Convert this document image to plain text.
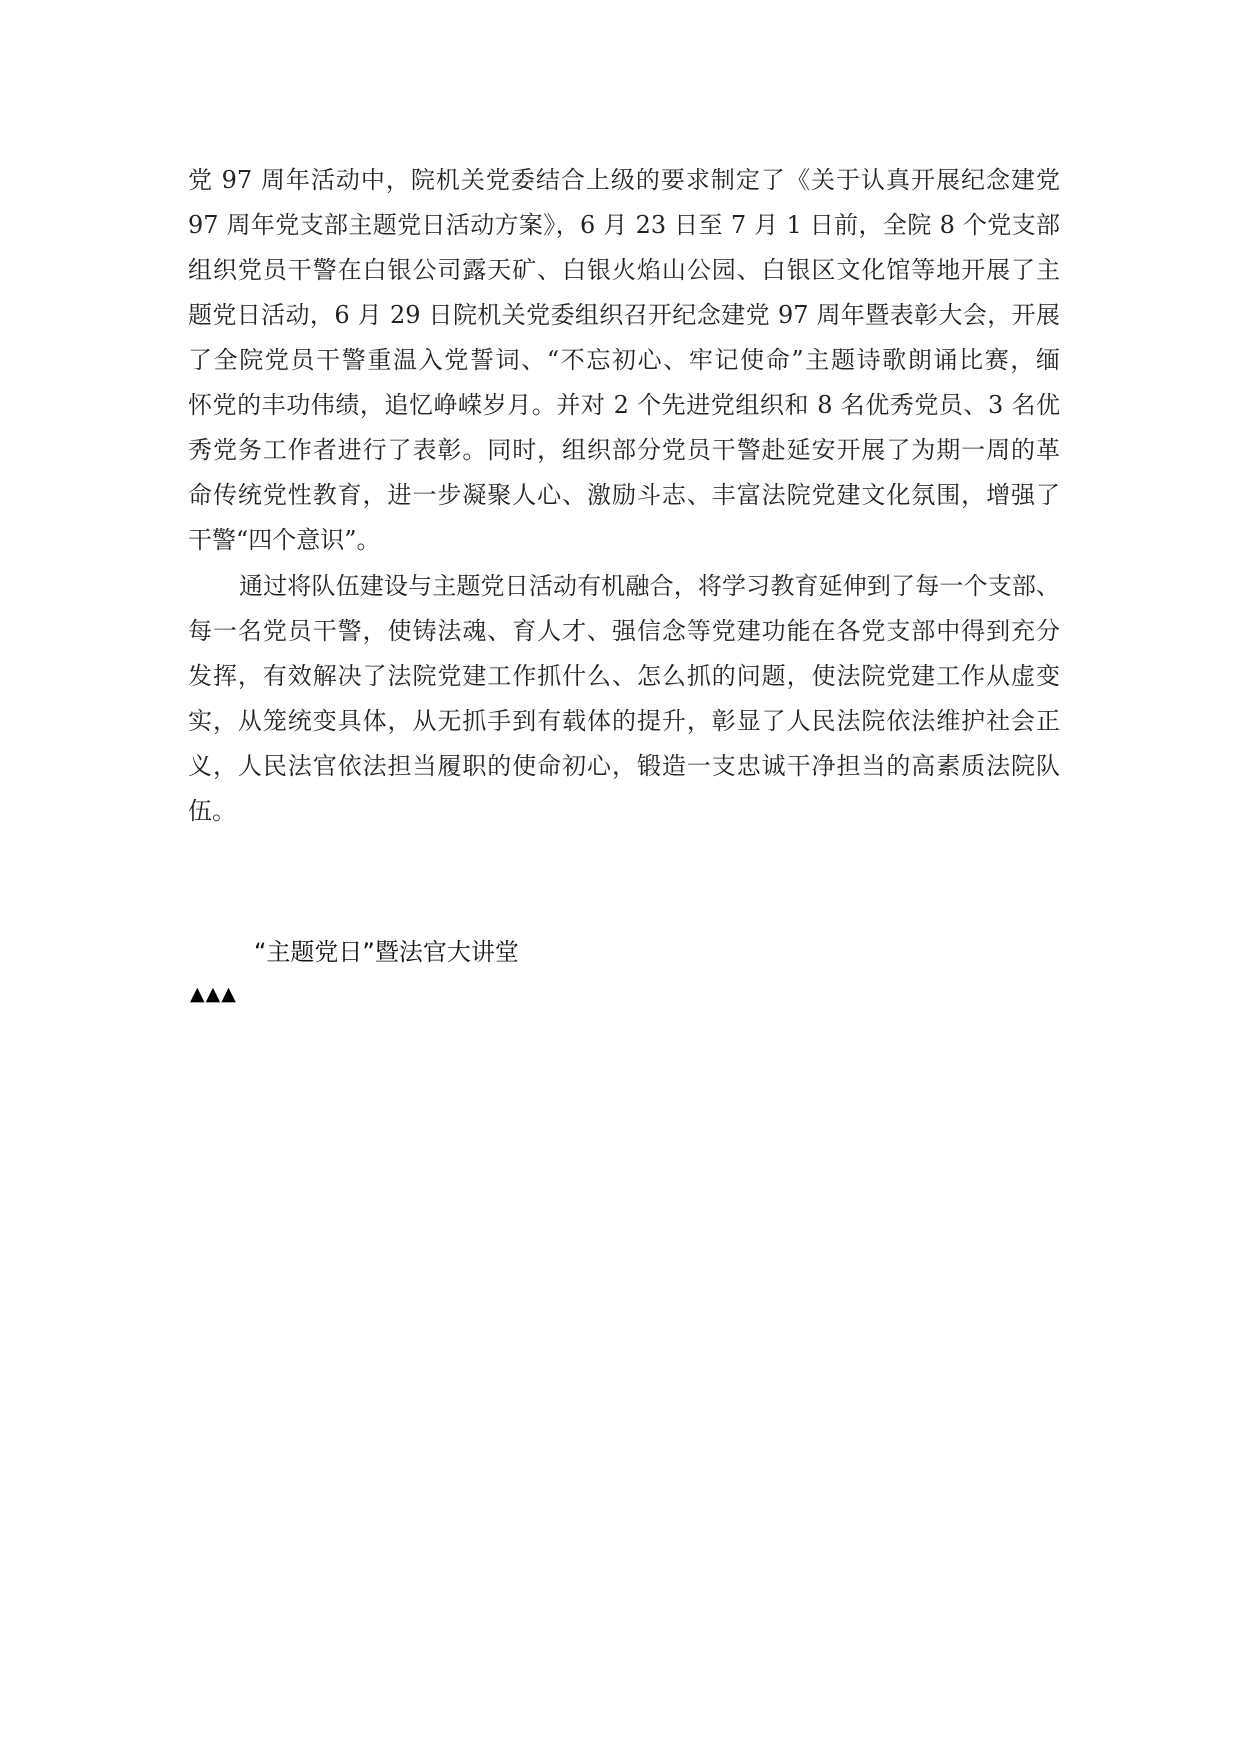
党 97 周年活动中，院机关党委结合上级的要求制定了《关于认真开展纪念建党
97 周年党支部主题党日活动方案》，6 月 23 日至 7 月 1 日前，全院 8 个党支部
组织党员干警在白银公司露天矿、白银火焰山公园、白银区文化馆等地开展了主
题党日活动，6 月 29 日院机关党委组织召开纪念建党 97 周年暨表彰大会，开展
了全院党员干警重温入党誓词、“不忘初心、牢记使命”主题诗歌朗诵比赛，缅
怀党的丰功伟绩，追忆峥嵘岁月。并对 2 个先进党组织和 8 名优秀党员、3 名优
秀党务工作者进行了表彰。同时，组织部分党员干警赴延安开展了为期一周的革
命传统党性教育，进一步凝聚人心、激励斗志、丰富法院党建文化氛围，增强了
干警“四个意识”。
通过将队伍建设与主题党日活动有机融合，将学习教育延伸到了每一个支部、
每一名党员干警，使铸法魂、育人才、强信念等党建功能在各党支部中得到充分
发挥，有效解决了法院党建工作抓什么、怎么抓的问题，使法院党建工作从虚变
实，从笼统变具体，从无抓手到有载体的提升，彰显了人民法院依法维护社会正
义，人民法官依法担当履职的使命初心，锻造一支忠诚干净担当的高素质法院队
伍。
“主题党日”暨法官大讲堂
▲▲▲
